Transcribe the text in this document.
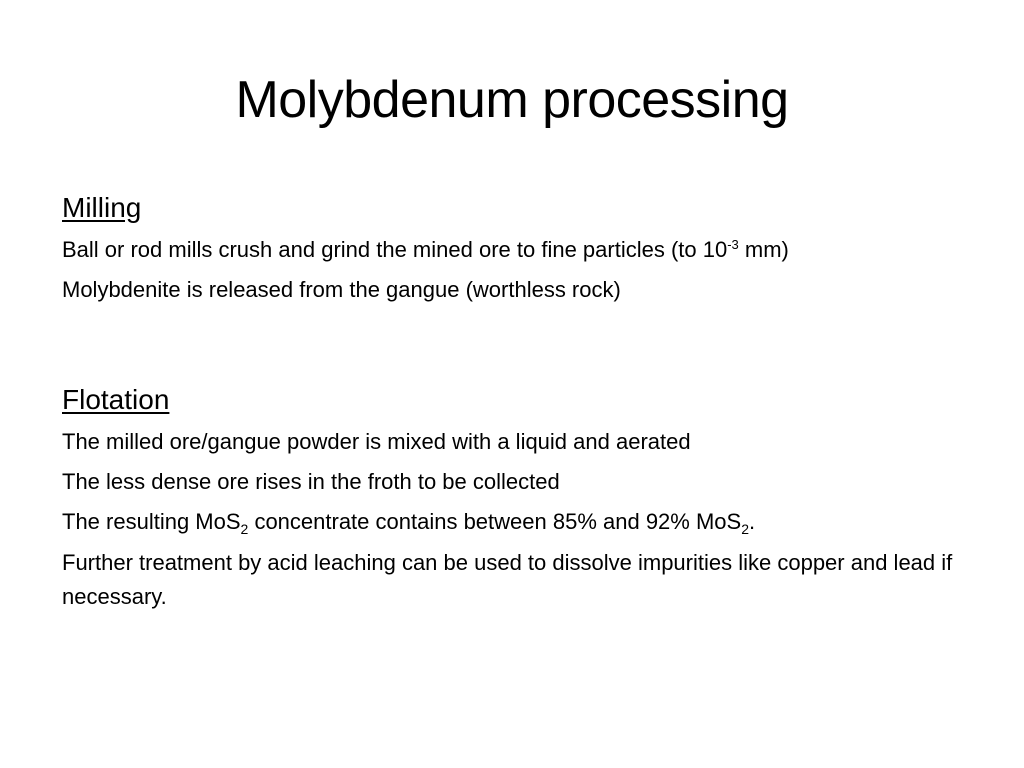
Molybdenum processing
Milling
Ball or rod mills crush and grind the mined ore to fine particles (to $10^{-3}$ mm)
Molybdenite is released from the gangue (worthless rock)
Flotation
The milled ore/gangue powder is mixed with a liquid and aerated
The less dense ore rises in the froth to be collected
The resulting MoS$_2$ concentrate contains between 85% and 92% MoS$_2$.
Further treatment by acid leaching can be used to dissolve impurities like copper and lead if necessary.
